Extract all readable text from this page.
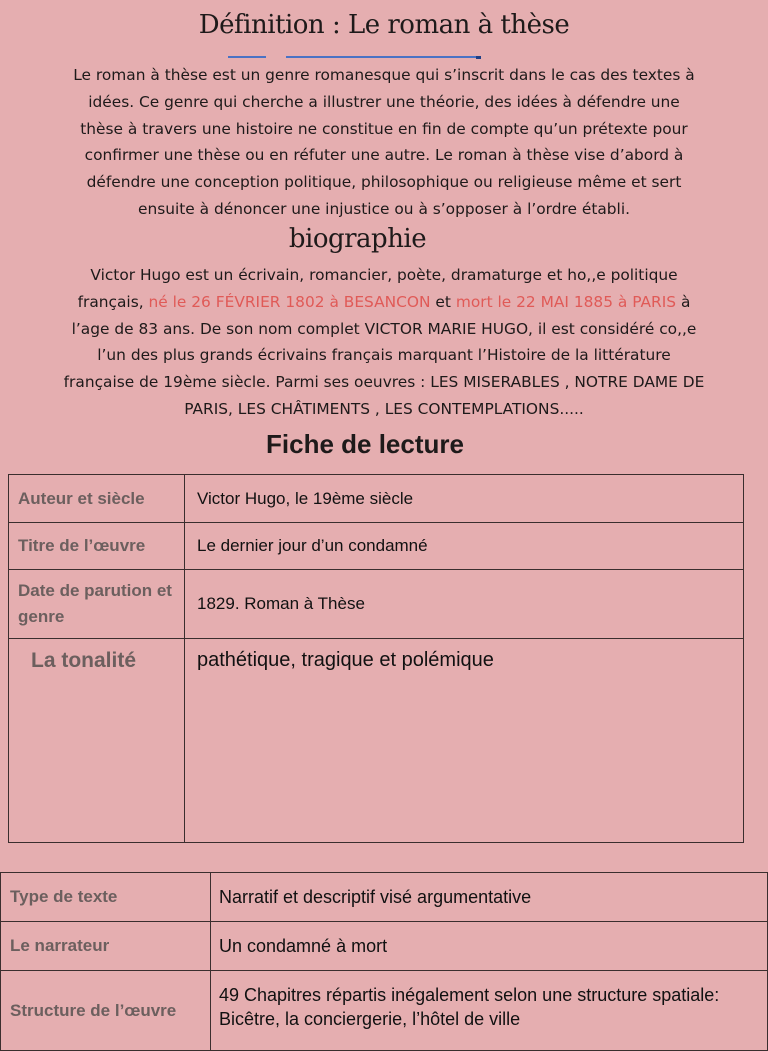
Définition : Le roman à thèse
Le roman à thèse est un genre romanesque qui s’inscrit dans le cas des textes à
idées. Ce genre qui cherche a illustrer une théorie, des idées à défendre une
thèse à travers une histoire ne constitue en fin de compte qu’un prétexte pour
confirmer une thèse ou en réfuter une autre. Le roman à thèse vise d’abord à
défendre une conception politique, philosophique ou religieuse même et sert
ensuite à dénoncer une injustice ou à s’opposer à l’ordre établi.
biographie
Victor Hugo est un écrivain, romancier, poète, dramaturge et ho,,e politique
français, né le 26 FÉVRIER 1802 à BESANCON et mort le 22 MAI 1885 à PARIS à
l’age de 83 ans. De son nom complet VICTOR MARIE HUGO, il est considéré co,,e
l’un des plus grands écrivains français marquant l’Histoire de la littérature
française de 19ème siècle. Parmi ses oeuvres : LES MISERABLES , NOTRE DAME DE
PARIS, LES CHÂTIMENTS , LES CONTEMPLATIONS.....
Fiche de lecture
Auteur et siècle	Victor Hugo, le 19ème siècle
Titre de l’œuvre	Le dernier jour d’un condamné
Date de parution et genre	1829. Roman à Thèse
La tonalité	pathétique, tragique et polémique
Type de texte	Narratif et descriptif visé argumentative
Le narrateur	Un condamné à mort
Structure de l’œuvre	49 Chapitres répartis inégalement selon une structure spatiale: Bicêtre, la conciergerie, l’hôtel de ville
